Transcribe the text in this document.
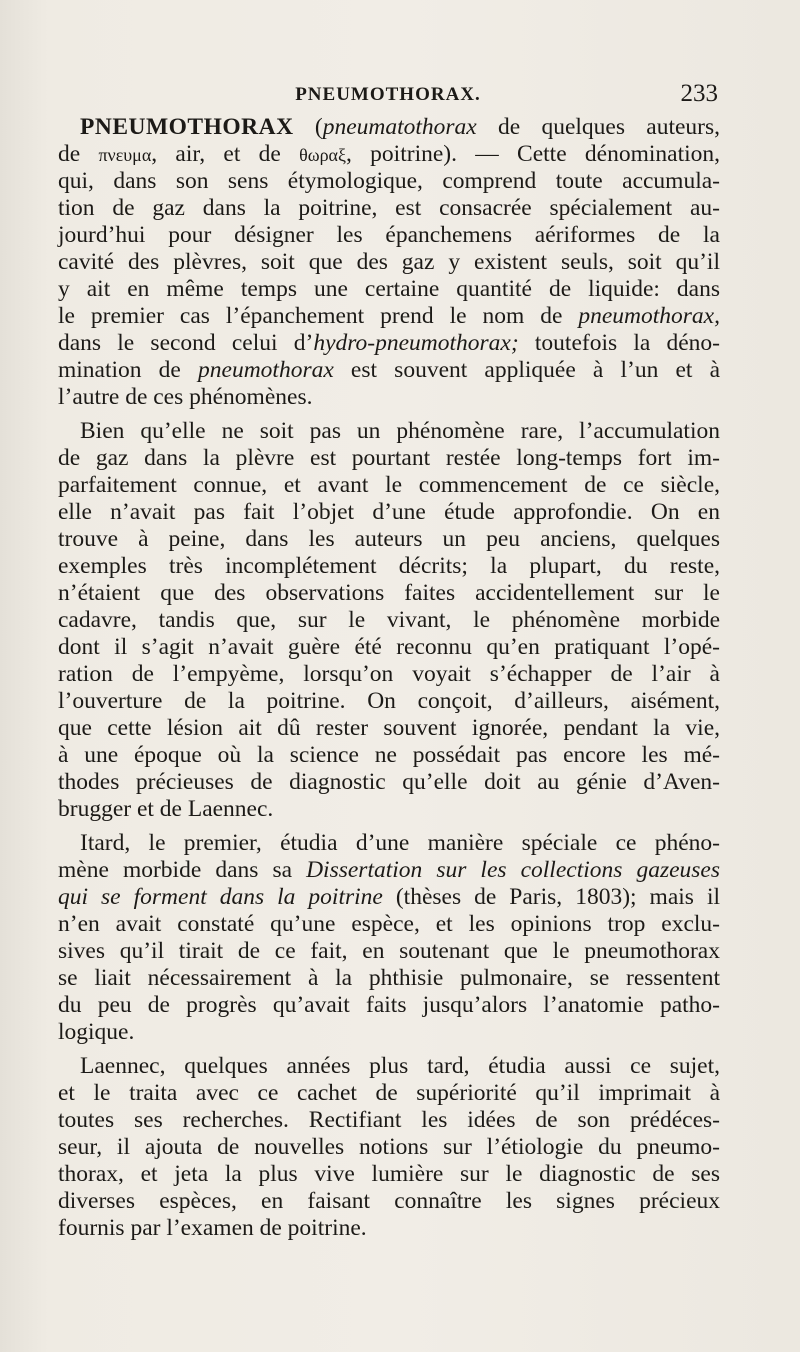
PNEUMOTHORAX.	233
PNEUMOTHORAX (pneumatothorax de quelques auteurs,
de πνευμα, air, et de θωραξ, poitrine). — Cette dénomination,
qui, dans son sens étymologique, comprend toute accumula-
tion de gaz dans la poitrine, est consacrée spécialement au-
jourd’hui pour désigner les épanchemens aériformes de la
cavité des plèvres, soit que des gaz y existent seuls, soit qu’il
y ait en même temps une certaine quantité de liquide: dans
le premier cas l’épanchement prend le nom de pneumothorax,
dans le second celui d’hydro-pneumothorax; toutefois la déno-
mination de pneumothorax est souvent appliquée à l’un et à
l’autre de ces phénomènes.
Bien qu’elle ne soit pas un phénomène rare, l’accumulation
de gaz dans la plèvre est pourtant restée long-temps fort im-
parfaitement connue, et avant le commencement de ce siècle,
elle n’avait pas fait l’objet d’une étude approfondie. On en
trouve à peine, dans les auteurs un peu anciens, quelques
exemples très incomplétement décrits; la plupart, du reste,
n’étaient que des observations faites accidentellement sur le
cadavre, tandis que, sur le vivant, le phénomène morbide
dont il s’agit n’avait guère été reconnu qu’en pratiquant l’opé-
ration de l’empyème, lorsqu’on voyait s’échapper de l’air à
l’ouverture de la poitrine. On conçoit, d’ailleurs, aisément,
que cette lésion ait dû rester souvent ignorée, pendant la vie,
à une époque où la science ne possédait pas encore les mé-
thodes précieuses de diagnostic qu’elle doit au génie d’Aven-
brugger et de Laennec.
Itard, le premier, étudia d’une manière spéciale ce phéno-
mène morbide dans sa Dissertation sur les collections gazeuses
qui se forment dans la poitrine (thèses de Paris, 1803); mais il
n’en avait constaté qu’une espèce, et les opinions trop exclu-
sives qu’il tirait de ce fait, en soutenant que le pneumothorax
se liait nécessairement à la phthisie pulmonaire, se ressentent
du peu de progrès qu’avait faits jusqu’alors l’anatomie patho-
logique.
Laennec, quelques années plus tard, étudia aussi ce sujet,
et le traita avec ce cachet de supériorité qu’il imprimait à
toutes ses recherches. Rectifiant les idées de son prédéces-
seur, il ajouta de nouvelles notions sur l’étiologie du pneumo-
thorax, et jeta la plus vive lumière sur le diagnostic de ses
diverses espèces, en faisant connaître les signes précieux
fournis par l’examen de poitrine.
